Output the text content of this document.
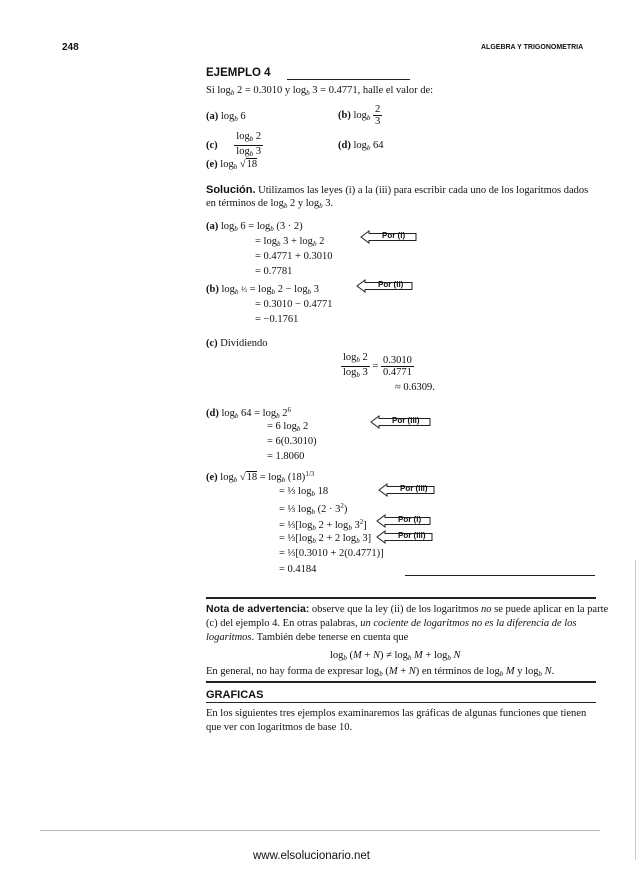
248	ALGEBRA Y TRIGONOMETRIA
EJEMPLO 4
Si $\log_b 2 = 0.3010$ y $\log_b 3 = 0.4771$, halle el valor de:
(a) $\log_b 6$	(b) $\log_b \frac{2}{3}$
$(c) \frac{\log_b 2}{\log_b 3}$	(d) $\log_b 64$
(e) $\log_b √18$
Solución. Utilizamos las leyes (i) a la (iii) para escribir cada uno de los logaritmos dados
en términos de $\log_b 2$ y $\log_b 3$.
(a) $\log_b 6 = \log_b (3 \cdot 2)$
= $\log_b 3 + \log_b 2$
= 0.4771 + 0.3010
= 0.7781
(b) $\log_b$ ⅔ = $\log_b 2 - \log_b 3$
= 0.3010 − 0.4771
= −0.1761
(c) Dividiendo
$\frac{\log_b 2}{\log_b 3} = \frac{0.3010}{0.4771}$
≈ 0.6309.
(d) $\log_b 64 = \log_b 2^6$
= 6 $\log_b 2$
= 6(0.3010)
= 1.8060
(e) $\log_b √18 = \log_b (18)^{1/3}$
= ⅓ $\log_b 18$
= ⅓ $\log_b (2 \cdot 3^2)$
= $\frac{1}{3}[\log_b$ $2 + \log_b 3^2$]
= $\frac{1}{3}[\log_b$ 2 + 2 $\log_b 3$]
= ⅓[0.3010 + 2(0.4771)]
= 0.4184
Por (i)
Por (ii)
Por (iii)
Por (iii)
Por (i)
Por (iii)
Nota de advertencia: observe que la ley (ii) de los logaritmos no se puede aplicar en la parte
(c) del ejemplo 4. En otras palabras, un cociente de logaritmos no es la diferencia de los
logaritmos. También debe tenerse en cuenta que
$\log_b (M + N) \ne \log_b M + \log_b N$
En general, no hay forma de expresar $\log_b (M + N)$ en términos de $\log_b M$ y $\log_b N$.
GRAFICAS
En los siguientes tres ejemplos examinaremos las gráficas de algunas funciones que tienen
que ver con logaritmos de base 10.
www.elsolucionario.net
